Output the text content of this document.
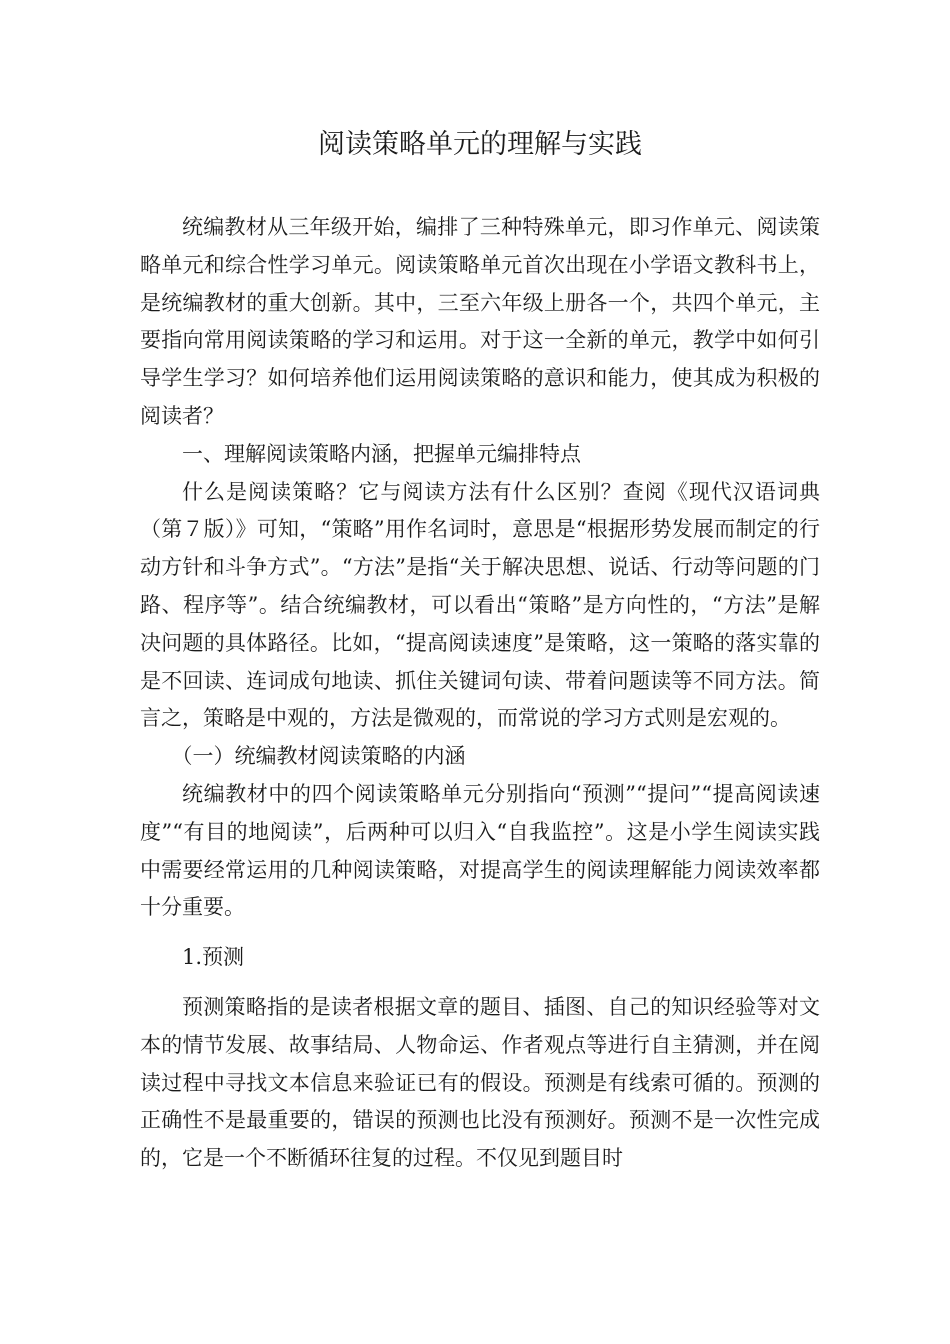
阅读策略单元的理解与实践

统编教材从三年级开始，编排了三种特殊单元，即习作单元、阅读策略单元和综合性学习单元。阅读策略单元首次出现在小学语文教科书上，是统编教材的重大创新。其中，三至六年级上册各一个，共四个单元，主要指向常用阅读策略的学习和运用。对于这一全新的单元，教学中如何引导学生学习？如何培养他们运用阅读策略的意识和能力，使其成为积极的阅读者？

一、理解阅读策略内涵，把握单元编排特点

什么是阅读策略？它与阅读方法有什么区别？查阅《现代汉语词典（第７版）》可知，“策略”用作名词时，意思是“根据形势发展而制定的行动方针和斗争方式”。“方法”是指“关于解决思想、说话、行动等问题的门路、程序等”。结合统编教材，可以看出“策略”是方向性的，“方法”是解决问题的具体路径。比如，“提高阅读速度”是策略，这一策略的落实靠的是不回读、连词成句地读、抓住关键词句读、带着问题读等不同方法。简言之，策略是中观的，方法是微观的，而常说的学习方式则是宏观的。

（一）统编教材阅读策略的内涵

统编教材中的四个阅读策略单元分别指向“预测”“提问”“提高阅读速度”“有目的地阅读”，后两种可以归入“自我监控”。这是小学生阅读实践中需要经常运用的几种阅读策略，对提高学生的阅读理解能力阅读效率都十分重要。

1.预测

预测策略指的是读者根据文章的题目、插图、自己的知识经验等对文本的情节发展、故事结局、人物命运、作者观点等进行自主猜测，并在阅读过程中寻找文本信息来验证已有的假设。预测是有线索可循的。预测的正确性不是最重要的，错误的预测也比没有预测好。预测不是一次性完成的，它是一个不断循环往复的过程。不仅见到题目时
